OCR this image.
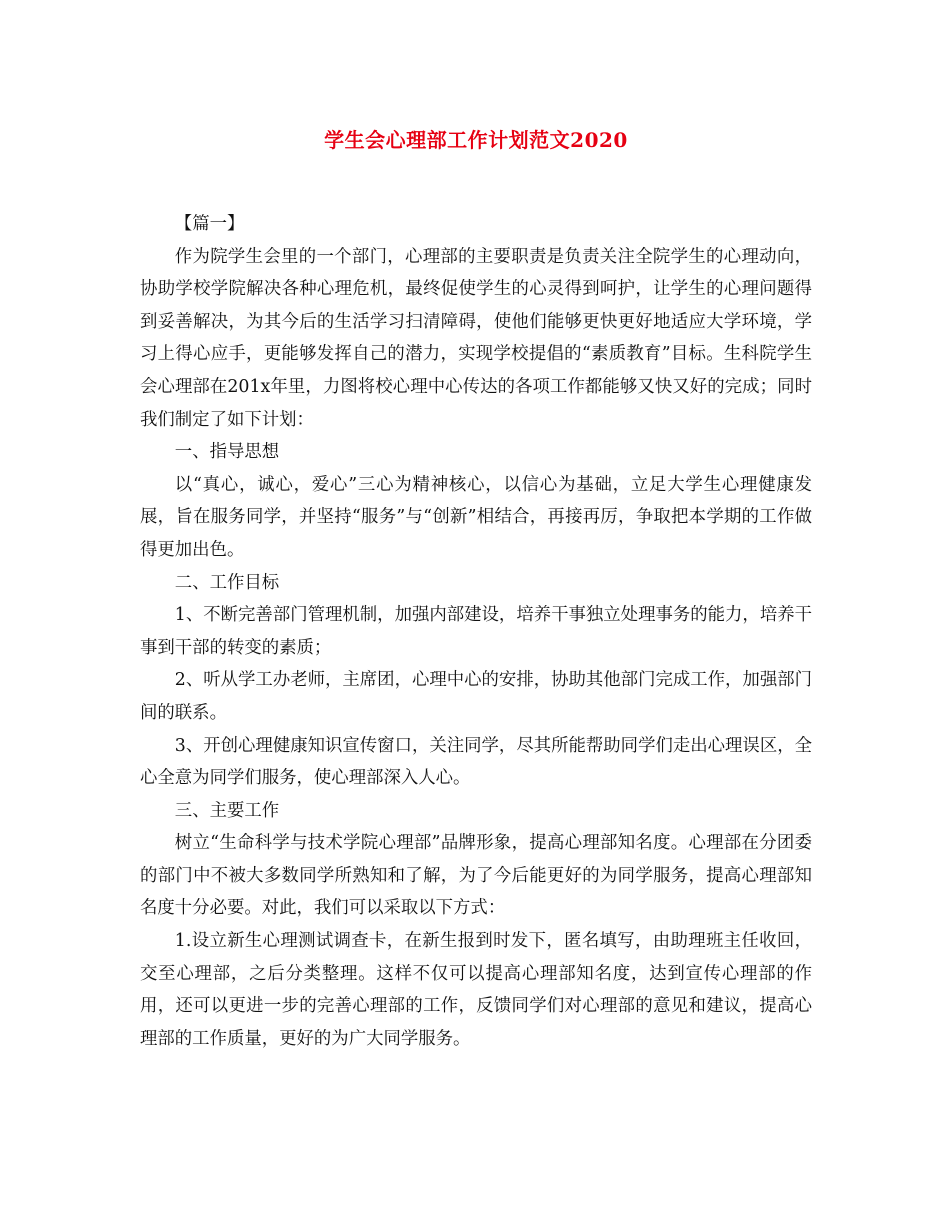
学生会心理部工作计划范文2020

【篇一】

作为院学生会里的一个部门，心理部的主要职责是负责关注全院学生的心理动向，协助学校学院解决各种心理危机，最终促使学生的心灵得到呵护，让学生的心理问题得到妥善解决，为其今后的生活学习扫清障碍，使他们能够更快更好地适应大学环境，学习上得心应手，更能够发挥自己的潜力，实现学校提倡的“素质教育”目标。生科院学生会心理部在201x年里，力图将校心理中心传达的各项工作都能够又快又好的完成；同时我们制定了如下计划：

一、指导思想

以“真心，诚心，爱心”三心为精神核心，以信心为基础，立足大学生心理健康发展，旨在服务同学，并坚持“服务”与“创新”相结合，再接再厉，争取把本学期的工作做得更加出色。

二、工作目标

1、不断完善部门管理机制，加强内部建设，培养干事独立处理事务的能力，培养干事到干部的转变的素质；

2、听从学工办老师，主席团，心理中心的安排，协助其他部门完成工作，加强部门间的联系。

3、开创心理健康知识宣传窗口，关注同学，尽其所能帮助同学们走出心理误区，全心全意为同学们服务，使心理部深入人心。

三、主要工作

树立“生命科学与技术学院心理部”品牌形象，提高心理部知名度。心理部在分团委的部门中不被大多数同学所熟知和了解，为了今后能更好的为同学服务，提高心理部知名度十分必要。对此，我们可以采取以下方式：

1.设立新生心理测试调查卡，在新生报到时发下，匿名填写，由助理班主任收回，交至心理部，之后分类整理。这样不仅可以提高心理部知名度，达到宣传心理部的作用，还可以更进一步的完善心理部的工作，反馈同学们对心理部的意见和建议，提高心理部的工作质量，更好的为广大同学服务。
